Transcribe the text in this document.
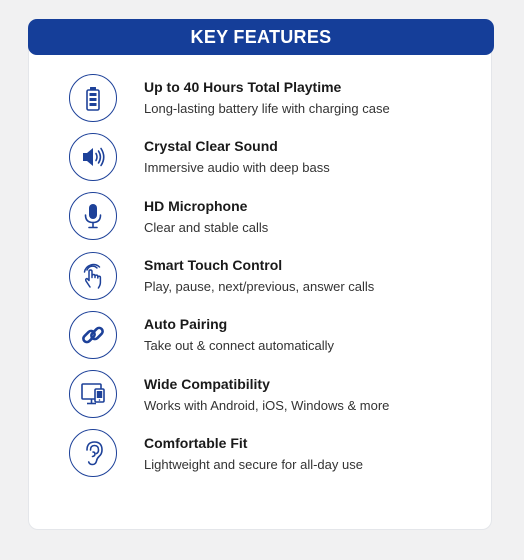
KEY FEATURES
Up to 40 Hours Total Playtime
Long-lasting battery life with charging case
Crystal Clear Sound
Immersive audio with deep bass
HD Microphone
Clear and stable calls
Smart Touch Control
Play, pause, next/previous, answer calls
Auto Pairing
Take out & connect automatically
Wide Compatibility
Works with Android, iOS, Windows & more
Comfortable Fit
Lightweight and secure for all-day use
